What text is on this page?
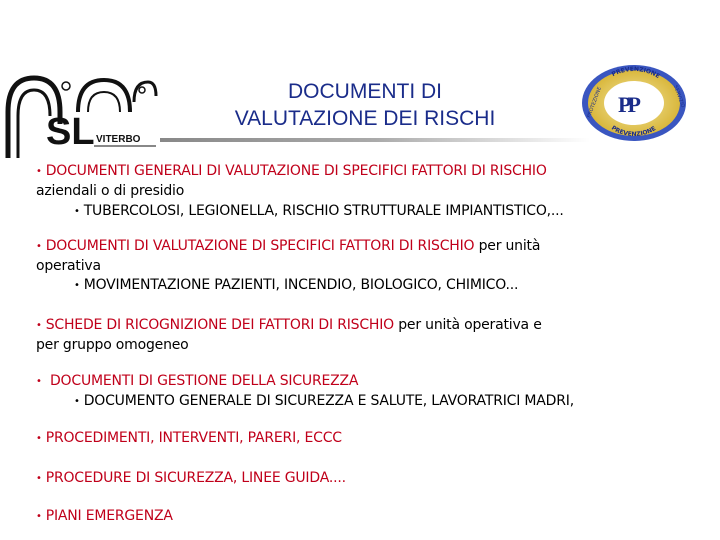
SL VITERBO
DOCUMENTI DI
VALUTAZIONE DEI RISCHI
PREVENZIONE
PREVENZIONE
PROTEZIONE	SERVIZIO
PP
• DOCUMENTI GENERALI DI VALUTAZIONE DI SPECIFICI FATTORI DI RISCHIO
aziendali o di presidio
• TUBERCOLOSI, LEGIONELLA, RISCHIO STRUTTURALE IMPIANTISTICO,...
• DOCUMENTI DI VALUTAZIONE DI SPECIFICI FATTORI DI RISCHIO per unità
operativa
• MOVIMENTAZIONE PAZIENTI, INCENDIO, BIOLOGICO, CHIMICO...
• SCHEDE DI RICOGNIZIONE DEI FATTORI DI RISCHIO per unità operativa e
per gruppo omogeneo
• DOCUMENTI DI GESTIONE DELLA SICUREZZA
• DOCUMENTO GENERALE DI SICUREZZA E SALUTE, LAVORATRICI MADRI,
• PROCEDIMENTI, INTERVENTI, PARERI, ECCC
• PROCEDURE DI SICUREZZA, LINEE GUIDA....
• PIANI EMERGENZA
